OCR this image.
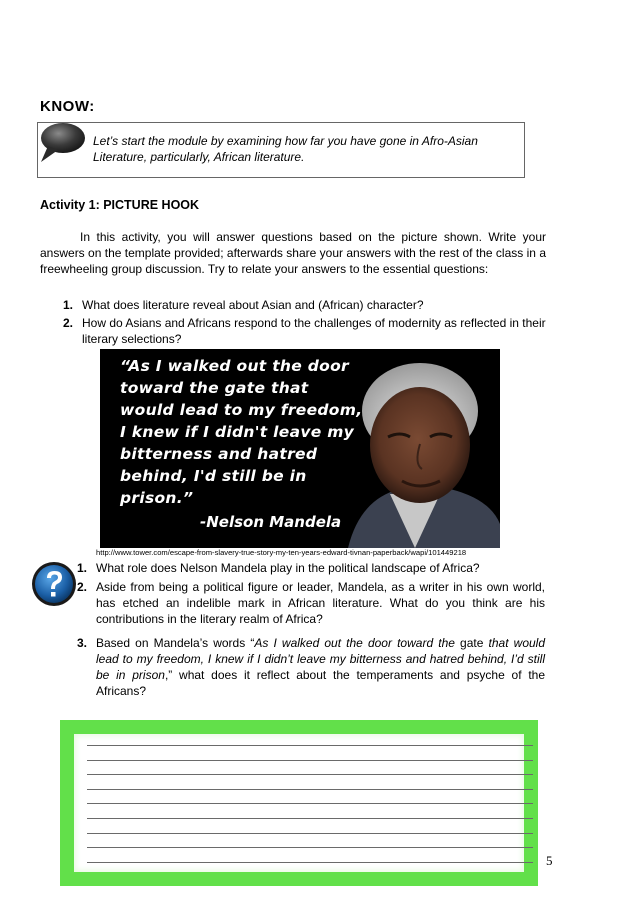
KNOW:
Let’s start the module by examining how far you have gone in Afro-Asian Literature, particularly, African literature.
Activity 1: PICTURE HOOK
In this activity, you will answer questions based on the picture shown. Write your answers on the template provided; afterwards share your answers with the rest of the class in a freewheeling group discussion. Try to relate your answers to the essential questions:
1. What does literature reveal about Asian and (African) character?
2. How do Asians and Africans respond to the challenges of modernity as reflected in their literary selections?
“As I walked out the door
toward the gate that
would lead to my freedom,
I knew if I didn't leave my
bitterness and hatred
behind, I'd still be in
prison.”
-Nelson Mandela
http://www.tower.com/escape-from-slavery-true-story-my-ten-years-edward-tivnan-paperback/wapi/101449218
1. What role does Nelson Mandela play in the political landscape of Africa?
2. Aside from being a political figure or leader, Mandela, as a writer in his own world, has etched an indelible mark in African literature. What do you think are his contributions in the literary realm of Africa?
3. Based on Mandela’s words “As I walked out the door toward the gate that would lead to my freedom, I knew if I didn’t leave my bitterness and hatred behind, I’d still be in prison,” what does it reflect about the temperaments and psyche of the Africans?
5
